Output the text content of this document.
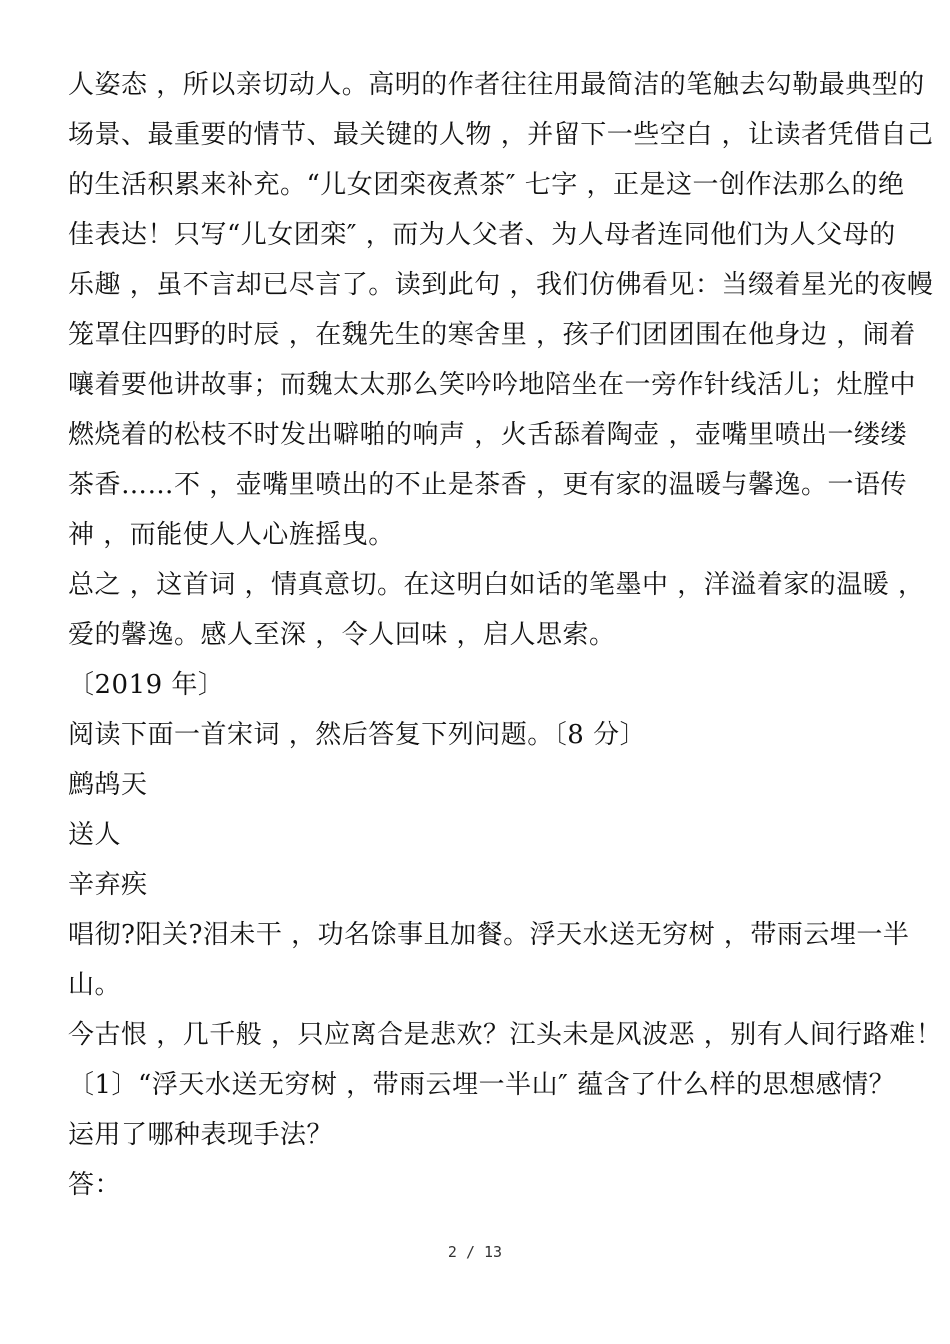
人姿态 ，所以亲切动人。高明的作者往往用最简洁的笔触去勾勒最典型的
场景、最重要的情节、最关键的人物 ，并留下一些空白 ，让读者凭借自己
的生活积累来补充。“儿女团栾夜煮茶″ 七字 ，正是这一创作法那么的绝
佳表达！只写“儿女团栾″ ，而为人父者、为人母者连同他们为人父母的
乐趣 ，虽不言却已尽言了。读到此句 ，我们仿佛看见：当缀着星光的夜幔
笼罩住四野的时辰 ，在魏先生的寒舍里 ，孩子们团团围在他身边 ，闹着
嚷着要他讲故事；而魏太太那么笑吟吟地陪坐在一旁作针线活儿；灶膛中
燃烧着的松枝不时发出噼啪的响声 ，火舌舔着陶壶 ，壶嘴里喷出一缕缕
茶香……不 ，壶嘴里喷出的不止是茶香 ，更有家的温暖与馨逸。一语传
神 ，而能使人人心旌摇曳。
总之 ，这首词 ，情真意切。在这明白如话的笔墨中 ，洋溢着家的温暖 ，
爱的馨逸。感人至深 ，令人回味 ，启人思索。
〔2019 年〕
阅读下面一首宋词 ，然后答复下列问题。〔8 分〕
鹧鸪天
送人
辛弃疾
唱彻?阳关?泪未干 ，功名馀事且加餐。浮天水送无穷树 ，带雨云埋一半
山。
今古恨 ，几千般 ，只应离合是悲欢？江头未是风波恶 ，别有人间行路难！
〔1〕“浮天水送无穷树 ，带雨云埋一半山″ 蕴含了什么样的思想感情？
运用了哪种表现手法？
答：
2 / 13
